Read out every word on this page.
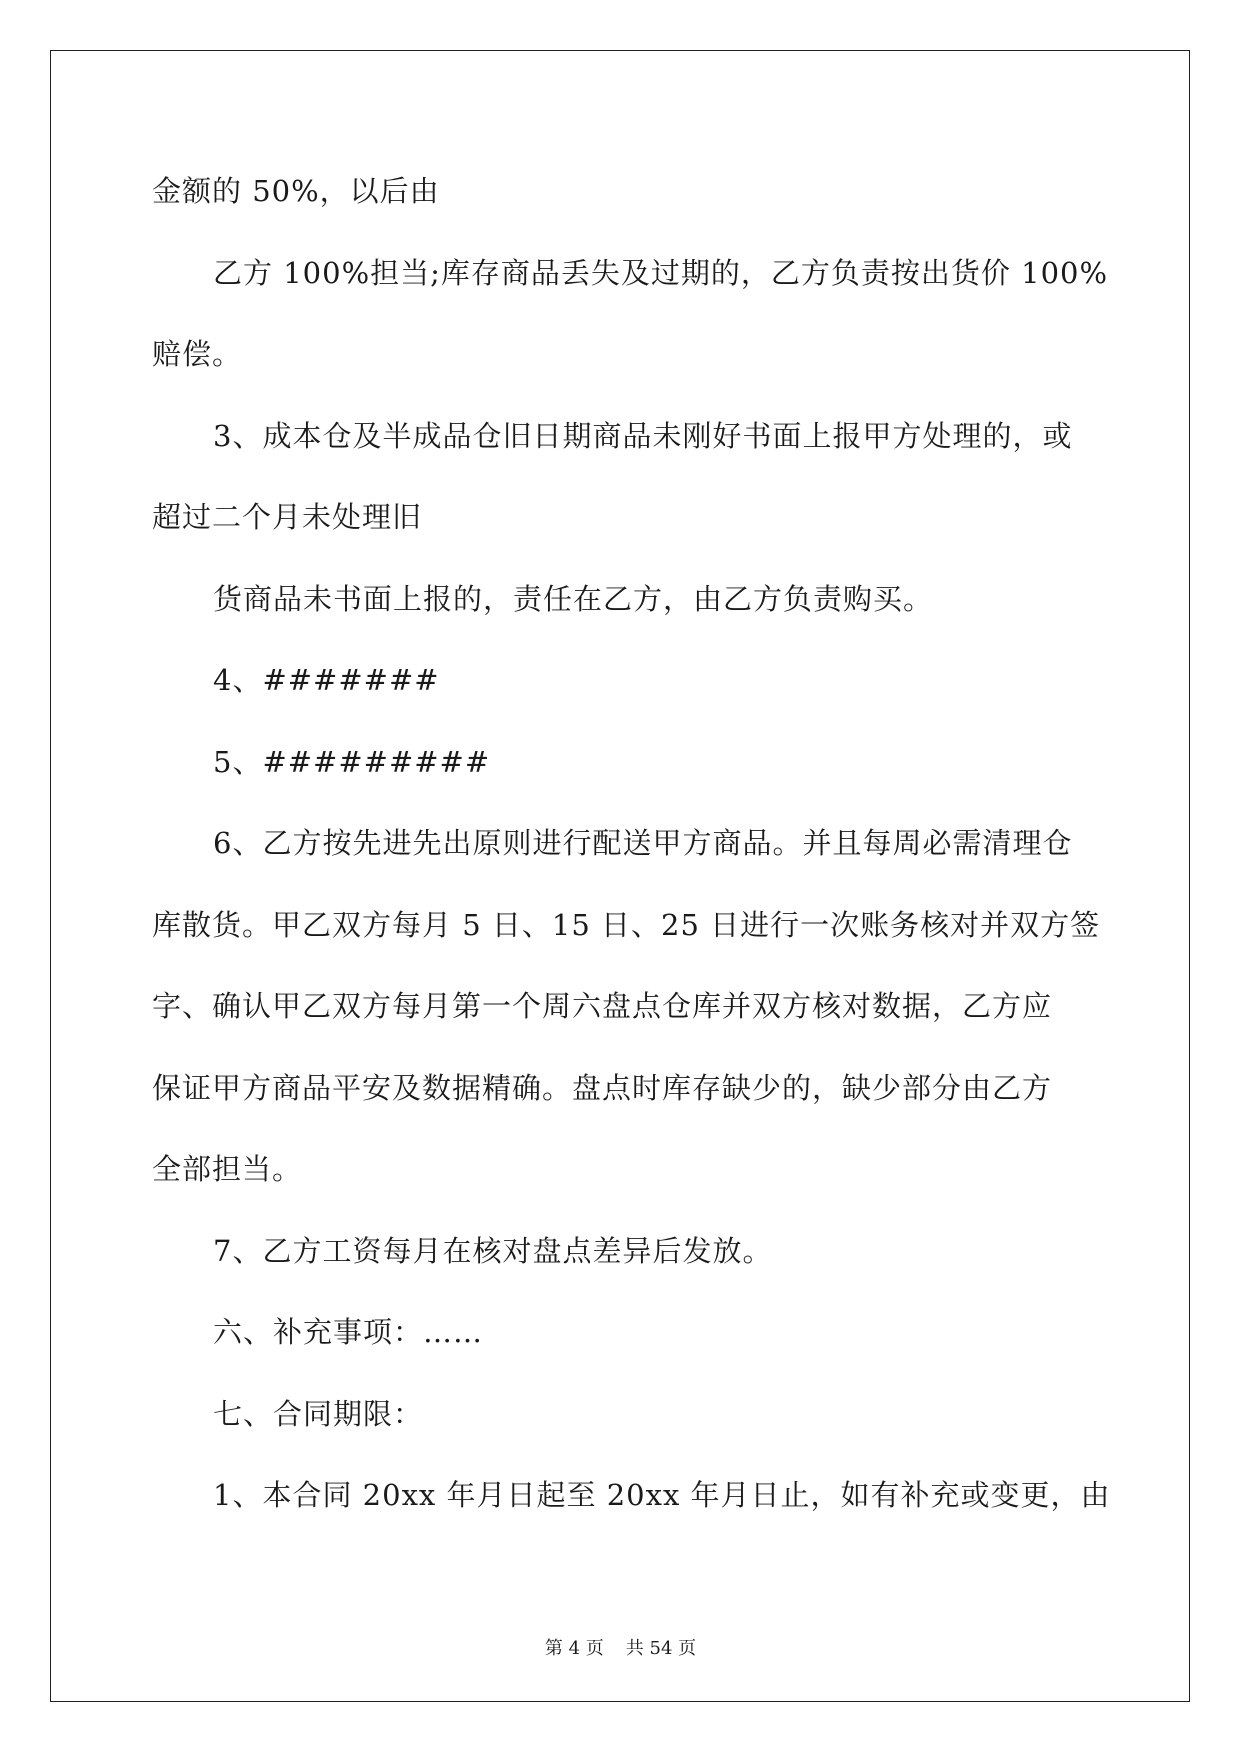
金额的 50%，以后由
乙方 100%担当;库存商品丢失及过期的，乙方负责按出货价 100%
赔偿。
3、成本仓及半成品仓旧日期商品未刚好书面上报甲方处理的，或
超过二个月未处理旧
货商品未书面上报的，责任在乙方，由乙方负责购买。
4、#######
5、#########
6、乙方按先进先出原则进行配送甲方商品。并且每周必需清理仓
库散货。甲乙双方每月 5 日、15 日、25 日进行一次账务核对并双方签
字、确认甲乙双方每月第一个周六盘点仓库并双方核对数据，乙方应
保证甲方商品平安及数据精确。盘点时库存缺少的，缺少部分由乙方
全部担当。
7、乙方工资每月在核对盘点差异后发放。
六、补充事项：……
七、合同期限：
1、本合同 20xx 年月日起至 20xx 年月日止，如有补充或变更，由
第 4 页 共 54 页
